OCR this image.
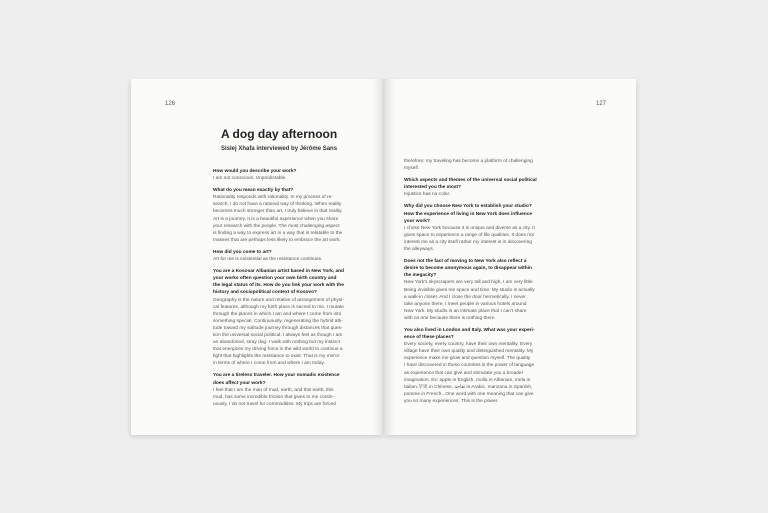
126
A dog day afternoon
Sislej Xhafa interviewed by Jérôme Sans
How would you describe your work?
I am not conscious. Unpredictable.
What do you mean exactly by that?
Rationality responds with rationality. In my process of re-
search, I do not have a rational way of thinking. When reality
becomes much stronger than art, I truly believe in that reality.
Art is a journey. It is a beautiful experience when you share
your research with the people. The most challenging aspect
is finding a way to express art in a way that is relatable to the
masses that are perhaps less likely to embrace the art work.
How did you come to art?
Art for me is existential as the resistance continues.
You are a Kosovar Albanian artist based in New York, and
your works often question your own birth country and
the legal status of its. How do you link your work with the
history and sociopolitical context of Kosovo?
Geography is the nature and relative of arrangement of physi-
cal features, although my birth place is sacred to me. I mutate
through the places in which I am and where I come from into
something special. Continuously, regenerating the hybrid atti-
tude toward my solitude journey through distances that ques-
tion the universal social political. I always feel as though I am
an abandoned, stray dog. I walk with nothing but my instinct
that energizes my driving force in the wild world to continue a
fight that highlights the resistance to exist. That is my mirror
in terms of where I come from and where I am today.
You are a tireless traveler. How your nomadic existence
does affect your work?
I feel that I am the man of mud, earth, and this earth, this
mud, has some incredible friction that gives to me contin-
uously. I do not travel for commodities. My trips are forced
127
therefore; my traveling has become a platform of challenging
myself.
Which aspects and themes of the universal social political
interested you the most?
Injustice has no color.
Why did you choose New York to establish your studio?
How the experience of living in New York does influence
your work?
I chose New York because it is unique and diverse as a city. It
gives space to experience a range of life qualities. It does not
interest me as a city itself rather my interest is in discovering
the alleyways.
Does not the fact of moving to New York also reflect a
desire to become anonymous again, to disappear within
the megacity?
New York's skyscrapers are very tall and high, I am very little.
Being invisible gives me space and time. My studio is actually
a walk-in closet. And I close the door hermetically. I never
take anyone there, I meet people in various hotels around
New York. My studio is an intimate place that I can't share
with no one because there is nothing there.
You also lived in London and Italy. What was your experi-
ence of these places?
Every society, every country, have their own mentality. Every
village have their own quality and distinguished mentality. My
experience make me grow and question myself. The quality
I have discovered in these countries is the power of language
as experience that can give and stimulate you a broader
imagination. Ex: apple in English, molla in Albanian, mela in
Italian,苹果 in Chinese, تفاحة in Arabic, manzana in Spanish,
pomme in French...One word with one meaning that can give
you so many experiences. This is the power.
